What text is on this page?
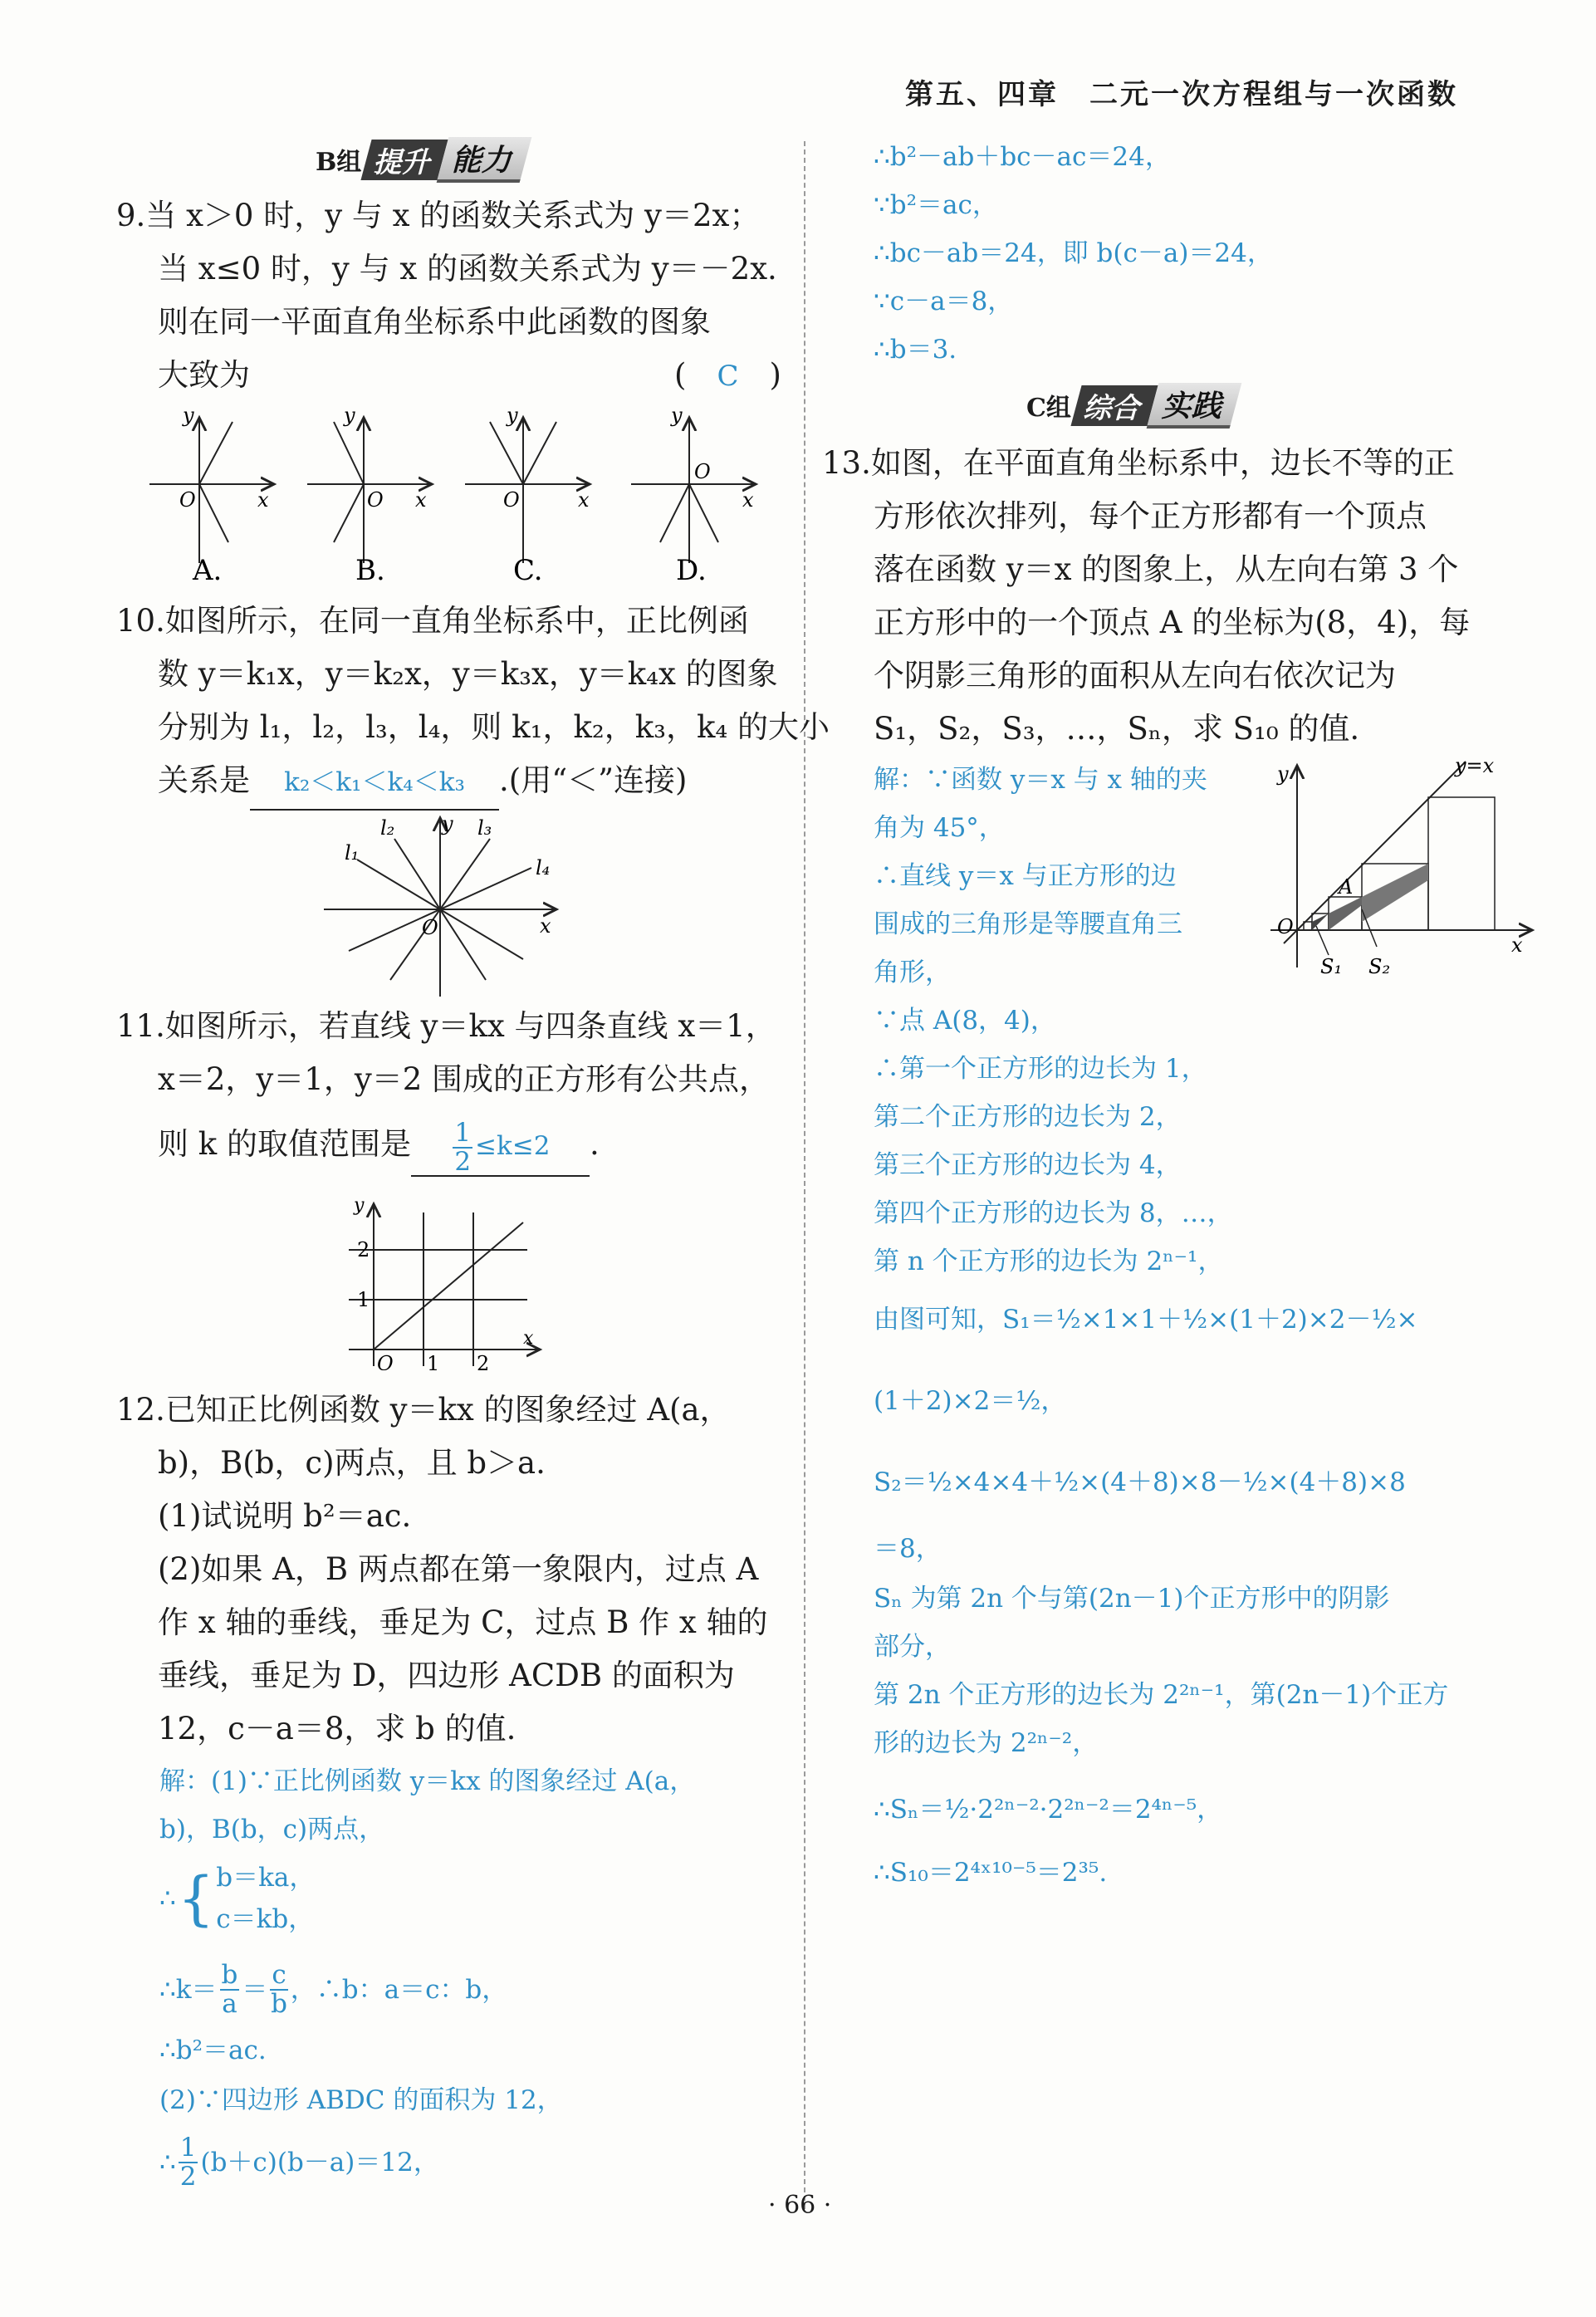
第五、四章　二元一次方程组与一次函数
B组 提升 能力
9.当 x＞0 时，y 与 x 的函数关系式为 y＝2x；
当 x≤0 时，y 与 x 的函数关系式为 y＝－2x.
则在同一平面直角坐标系中此函数的图象
大致为	(　C　)
O	x
y
A.
O x
y
B.
O	x
y
C.
O
x
y
D.
10.如图所示，在同一直角坐标系中，正比例函
数 y＝k₁x，y＝k₂x，y＝k₃x，y＝k₄x 的图象
分别为 l₁，l₂，l₃，l₄，则 k₁，k₂，k₃，k₄ 的大小
关系是 k₂＜k₁＜k₄＜k₃ .(用“＜”连接)
y
x
O
l₁
l₂	l₃
l₄
11.如图所示，若直线 y＝kx 与四条直线 x＝1，
x＝2，y＝1，y＝2 围成的正方形有公共点，
则 k 的取值范围是 $\frac{1}{2} \le k\le 2$ .
y
x
O 1 2
1
2
12.已知正比例函数 y＝kx 的图象经过 A(a，
b)，B(b，c)两点，且 b＞a.
(1)试说明 b²＝ac.
(2)如果 A，B 两点都在第一象限内，过点 A
作 x 轴的垂线，垂足为 C，过点 B 作 x 轴的
垂线，垂足为 D，四边形 ACDB 的面积为
12，c－a＝8，求 b 的值.
解：(1)∵正比例函数 y＝kx 的图象经过 A(a，
b)，B(b，c)两点，
∴ { b＝ka，
c＝kb，
∴k＝ $\frac{b}{a} = \frac{c}{b}$ ，∴b：a＝c：b，
∴b²＝ac.
(2)∵四边形 ABDC 的面积为 12，
∴ $\frac{1}{2} (b+c)(b-a)=12$，
· 66 ·
∴b²－ab＋bc－ac＝24，
∵b²＝ac，
∴bc－ab＝24，即 b(c－a)＝24，
∵c－a＝8，
∴b＝3.
C组 综合 实践
13.如图，在平面直角坐标系中，边长不等的正
方形依次排列，每个正方形都有一个顶点
落在函数 y＝x 的图象上，从左向右第 3 个
正方形中的一个顶点 A 的坐标为(8，4)，每
个阴影三角形的面积从左向右依次记为
S₁，S₂，S₃，…，Sₙ，求 S₁₀ 的值.
解：∵函数 y＝x 与 x 轴的夹
角为 45°，
∴直线 y＝x 与正方形的边
围成的三角形是等腰直角三
角形，
∵点 A(8，4)，
∴第一个正方形的边长为 1，
第二个正方形的边长为 2，
第三个正方形的边长为 4，
第四个正方形的边长为 8，…，
第 n 个正方形的边长为 2ⁿ⁻¹，
y=x
y
x
O
A
S₁ S₂
由图可知，S₁＝½×1×1＋½×(1＋2)×2－½×
(1＋2)×2＝½，
S₂＝½×4×4＋½×(4＋8)×8－½×(4＋8)×8
＝8，
Sₙ 为第 2n 个与第(2n－1)个正方形中的阴影
部分，
第 2n 个正方形的边长为 2²ⁿ⁻¹，第(2n－1)个正方
形的边长为 2²ⁿ⁻²，
∴Sₙ＝½·2²ⁿ⁻²·2²ⁿ⁻²＝2⁴ⁿ⁻⁵，
∴S₁₀＝2⁴ˣ¹⁰⁻⁵＝2³⁵.
